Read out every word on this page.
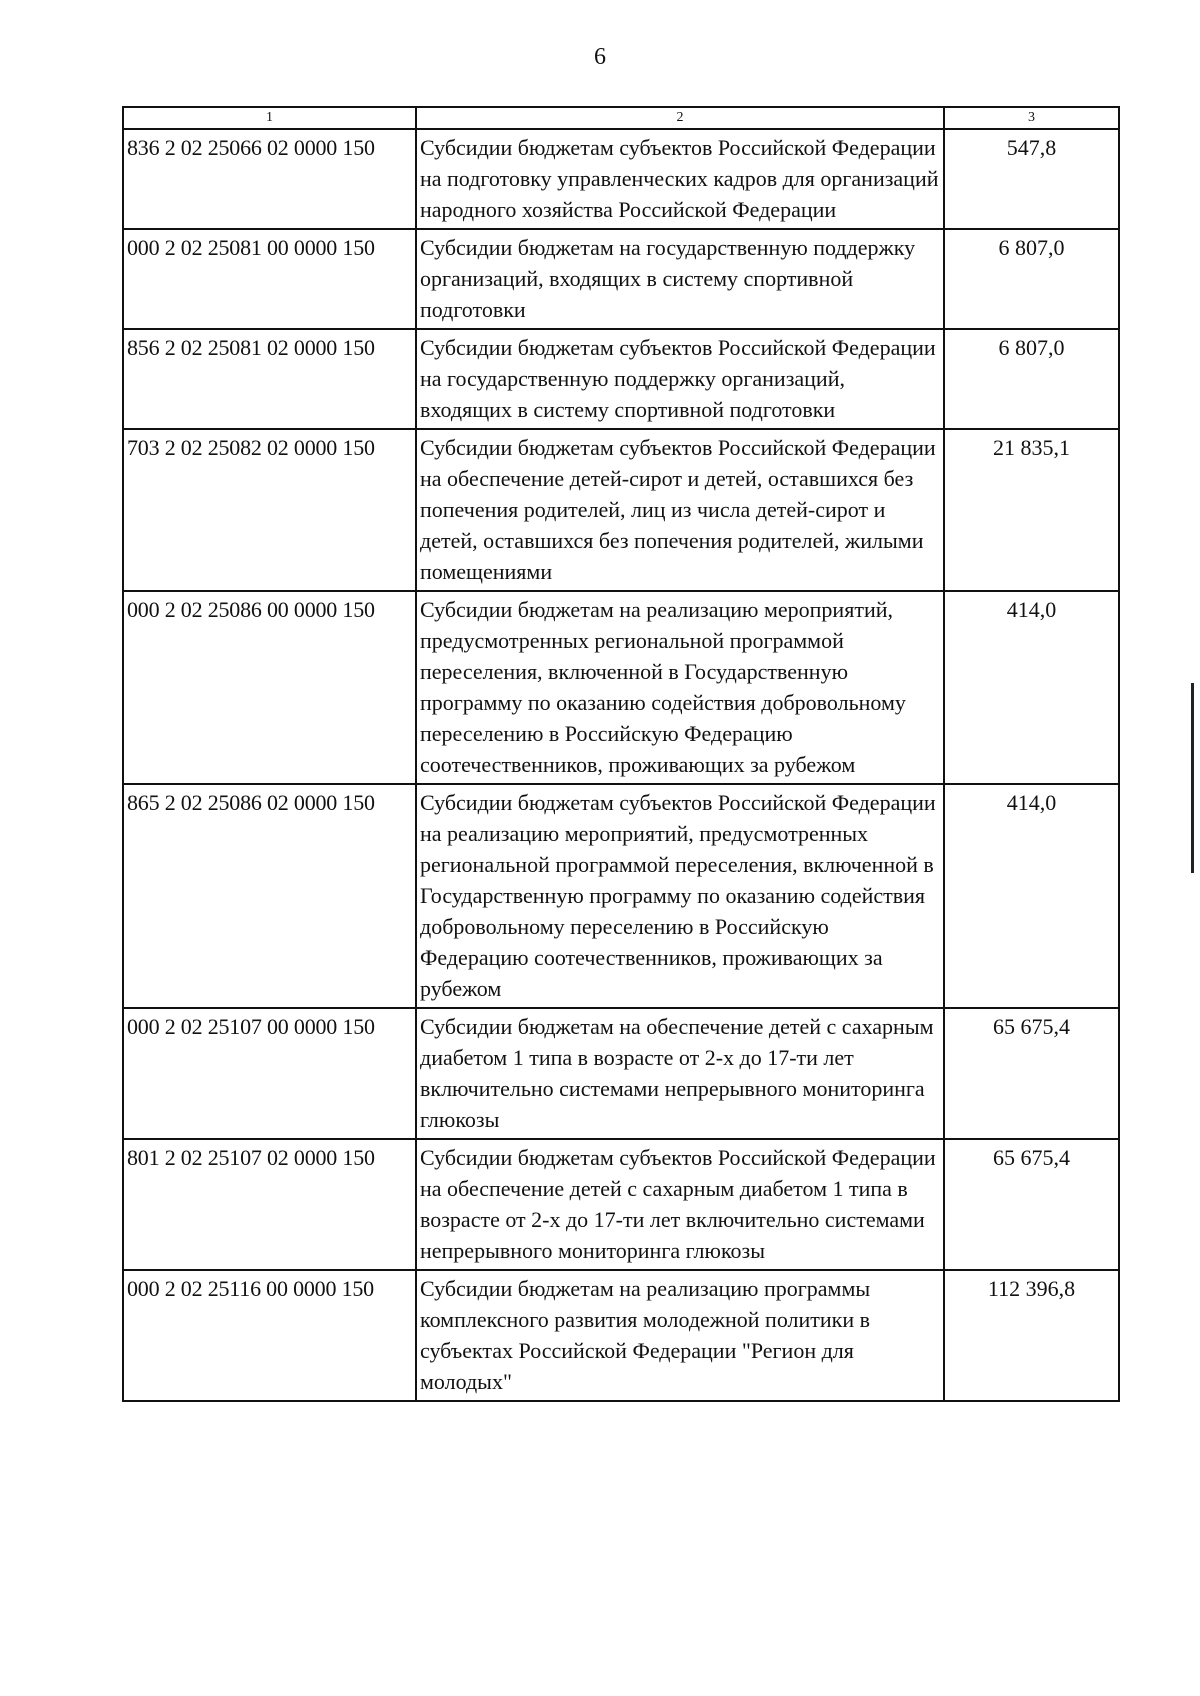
6
1	2	3
836 2 02 25066 02 0000 150	Субсидии бюджетам субъектов Российской Федерации на подготовку управленческих кадров для организаций народного хозяйства Российской Федерации	547,8
000 2 02 25081 00 0000 150	Субсидии бюджетам на государственную поддержку организаций, входящих в систему спортивной подготовки	6 807,0
856 2 02 25081 02 0000 150	Субсидии бюджетам субъектов Российской Федерации на государственную поддержку организаций, входящих в систему спортивной подготовки	6 807,0
703 2 02 25082 02 0000 150	Субсидии бюджетам субъектов Российской Федерации на обеспечение детей-сирот и детей, оставшихся без попечения родителей, лиц из числа детей-сирот и детей, оставшихся без попечения родителей, жилыми помещениями	21 835,1
000 2 02 25086 00 0000 150	Субсидии бюджетам на реализацию мероприятий, предусмотренных региональной программой переселения, включенной в Государственную программу по оказанию содействия добровольному переселению в Российскую Федерацию соотечественников, проживающих за рубежом	414,0
865 2 02 25086 02 0000 150	Субсидии бюджетам субъектов Российской Федерации на реализацию мероприятий, предусмотренных региональной программой переселения, включенной в Государственную программу по оказанию содействия добровольному переселению в Российскую Федерацию соотечественников, проживающих за рубежом	414,0
000 2 02 25107 00 0000 150	Субсидии бюджетам на обеспечение детей с сахарным диабетом 1 типа в возрасте от 2-х до 17-ти лет включительно системами непрерывного мониторинга глюкозы	65 675,4
801 2 02 25107 02 0000 150	Субсидии бюджетам субъектов Российской Федерации на обеспечение детей с сахарным диабетом 1 типа в возрасте от 2-х до 17-ти лет включительно системами непрерывного мониторинга глюкозы	65 675,4
000 2 02 25116 00 0000 150	Субсидии бюджетам на реализацию программы комплексного развития молодежной политики в субъектах Российской Федерации "Регион для молодых"	112 396,8
